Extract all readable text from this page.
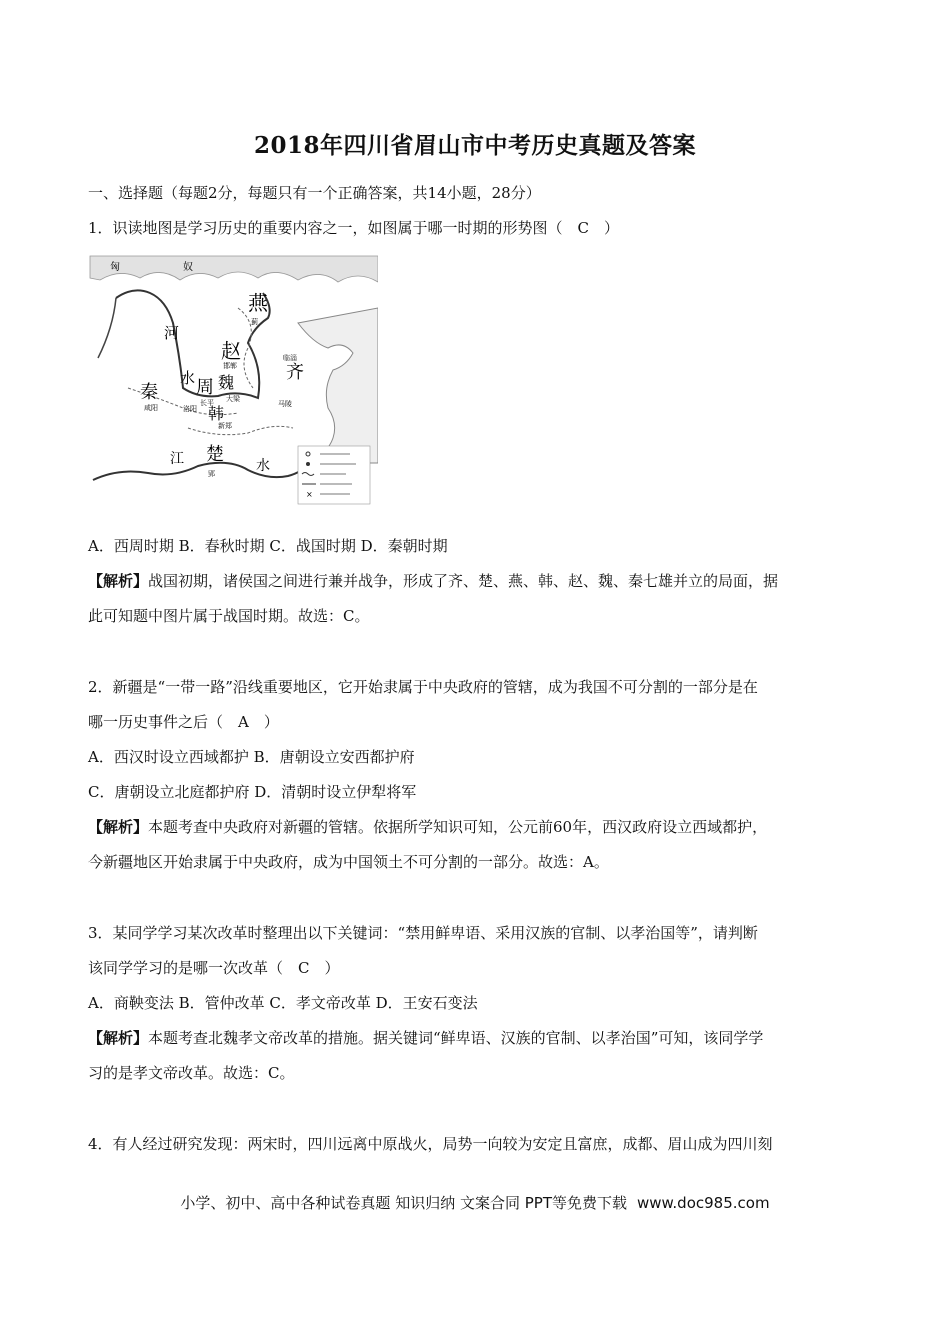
2018年四川省眉山市中考历史真题及答案
一、选择题（每题2分，每题只有一个正确答案，共14小题，28分）
1．识读地图是学习历史的重要内容之一，如图属于哪一时期的形势图（　C　）
×
匈	奴
河
水
燕
蓟
赵
邯郸
临淄
齐
秦
咸阳
周
长平
魏
大梁
韩
洛阳
新郑
马陵
江 楚
郢	水
A．西周时期 B．春秋时期 C．战国时期 D．秦朝时期
【解析】战国初期，诸侯国之间进行兼并战争，形成了齐、楚、燕、韩、赵、魏、秦七雄并立的局面，据
此可知题中图片属于战国时期。故选：C。
2．新疆是“一带一路”沿线重要地区，它开始隶属于中央政府的管辖，成为我国不可分割的一部分是在
哪一历史事件之后（　A　）
A．西汉时设立西域都护 B．唐朝设立安西都护府
C．唐朝设立北庭都护府 D．清朝时设立伊犁将军
【解析】本题考查中央政府对新疆的管辖。依据所学知识可知，公元前60年，西汉政府设立西域都护，
今新疆地区开始隶属于中央政府，成为中国领土不可分割的一部分。故选：A。
3．某同学学习某次改革时整理出以下关键词：“禁用鲜卑语、采用汉族的官制、以孝治国等”，请判断
该同学学习的是哪一次改革（　C　）
A．商鞅变法 B．管仲改革 C．孝文帝改革 D．王安石变法
【解析】本题考查北魏孝文帝改革的措施。据关键词“鲜卑语、汉族的官制、以孝治国”可知，该同学学
习的是孝文帝改革。故选：C。
4．有人经过研究发现：两宋时，四川远离中原战火，局势一向较为安定且富庶，成都、眉山成为四川刻
小学、初中、高中各种试卷真题 知识归纳 文案合同 PPT等免费下载 www.doc985.com
